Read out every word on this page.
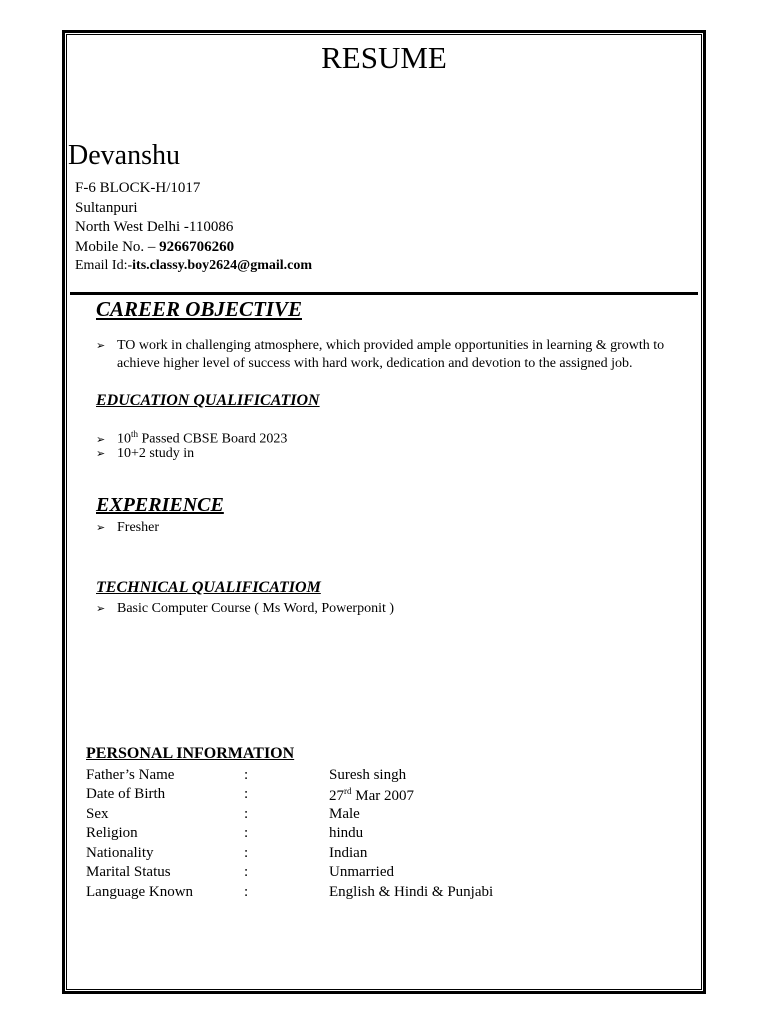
RESUME
Devanshu
F-6 BLOCK-H/1017
Sultanpuri
North West Delhi -110086
Mobile No. – 9266706260
Email Id:-its.classy.boy2624@gmail.com
CAREER OBJECTIVE
➢ TO work in challenging atmosphere, which provided ample opportunities in learning & growth to achieve higher level of success with hard work, dedication and devotion to the assigned job.
EDUCATION QUALIFICATION
➢ 10th Passed CBSE Board 2023
➢ 10+2 study in
EXPERIENCE
➢ Fresher
TECHNICAL QUALIFICATIOM
➢ Basic Computer Course ( Ms Word, Powerponit )
PERSONAL INFORMATION
Father’s Name	:	Suresh singh
Date of Birth	:	27rd Mar 2007
Sex	:	Male
Religion	:	hindu
Nationality	:	Indian
Marital Status	:	Unmarried
Language Known	:	English & Hindi & Punjabi
